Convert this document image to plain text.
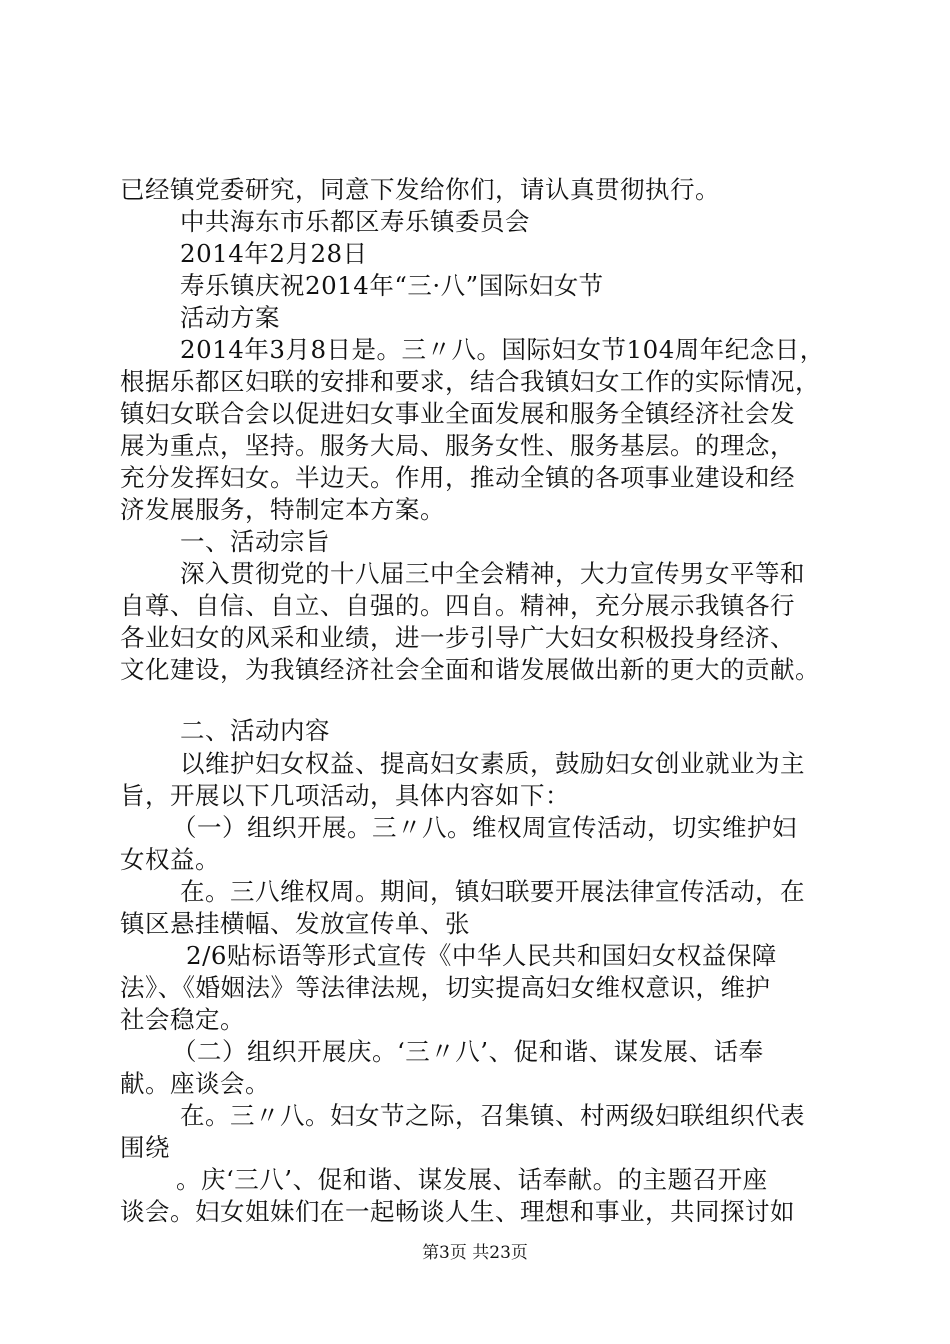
已经镇党委研究，同意下发给你们，请认真贯彻执行。
中共海东市乐都区寿乐镇委员会
2014年2月28日
寿乐镇庆祝2014年“三·八”国际妇女节
活动方案
2014年3月8日是。三〃八。国际妇女节104周年纪念日，
根据乐都区妇联的安排和要求，结合我镇妇女工作的实际情况，
镇妇女联合会以促进妇女事业全面发展和服务全镇经济社会发
展为重点，坚持。服务大局、服务女性、服务基层。的理念，
充分发挥妇女。半边天。作用，推动全镇的各项事业建设和经
济发展服务，特制定本方案。
一、活动宗旨
深入贯彻党的十八届三中全会精神，大力宣传男女平等和
自尊、自信、自立、自强的。四自。精神，充分展示我镇各行
各业妇女的风采和业绩，进一步引导广大妇女积极投身经济、
文化建设，为我镇经济社会全面和谐发展做出新的更大的贡献。
二、活动内容
以维护妇女权益、提高妇女素质，鼓励妇女创业就业为主
旨，开展以下几项活动，具体内容如下：
（一）组织开展。三〃八。维权周宣传活动，切实维护妇
女权益。
在。三八维权周。期间，镇妇联要开展法律宣传活动，在
镇区悬挂横幅、发放宣传单、张
2/6贴标语等形式宣传《中华人民共和国妇女权益保障
法》、《婚姻法》等法律法规，切实提高妇女维权意识，维护
社会稳定。
（二）组织开展庆。‘三〃八’、促和谐、谋发展、话奉
献。座谈会。
在。三〃八。妇女节之际，召集镇、村两级妇联组织代表
围绕
。庆‘三八’、促和谐、谋发展、话奉献。的主题召开座
谈会。妇女姐妹们在一起畅谈人生、理想和事业，共同探讨如
第3页 共23页
